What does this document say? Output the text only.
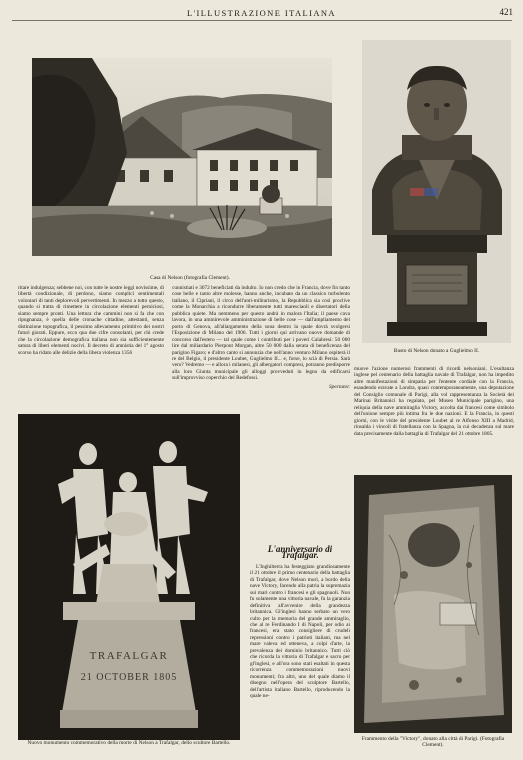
L'ILLUSTRAZIONE ITALIANA	421
Casa di Nelson (fotografia Clement).
Busto di Nelson donato a Guglielmo II.
ritare indulgenza; sebbene noi, con tutte le nostre leggi novissime, di libertà condizionale, di perdono, siamo complici sentimentali volontari di tanti deplorevoli pervertimenti. In mezzo a tutto questo, quando si tratta di rimettere in circolazione elementi perniciosi, siamo sempre pronti. Una lettura che cammini non si fa che con ripugnanza, è quella delle cronache cittadine, attestanti, senza distinzione topografica, il pessimo allevamento primitivo dei nostri futuri giurati. Eppure, ecco qua due cifre consolanti, per chi crede che la circolazione demografica italiana non sia sufficientemente satura di liberi elementi nocivi. Il decreto di amnistia del 1° agosto scorso ha ridato alle delizie della libera violenza 1356
cunnistiati e 3072 beneficiati da indulto. Io non credo che in Francia, dove fin tanto cose belle e tanto altre molesse, hanno anche, incubato da un classico turbolento italiano, il Cipriani, il circo dell'anti-militarismo, la Repubblica sia così proclive come la Monarchia a ricondurre liberamente tutti maresciaoli e disertatori della pubblica quiete. Ma nemmeno per questo andrà in malora l'Italia; il paese cava lavora, in una ammirevole amministrazione di belle cose — dall'ampliamento del porto di Genova, all'allargamento della sona dentro la quale dovrà svolgersi l'Esposizione di Milano del 1906. Tutti i giorni qui arrivano nuove domande di concorso dall'estero — tal quale come i contributi per i poveri Calabresi: 50 000 lire dal miliardario Pierpont Morgan, altre 50 000 dalla serata di beneficenza del parigino Figaro; e d'altro canto si annunzia che nell'anno venturo Milano ospiterà il re del Belgio, il presidente Loubet, Guglielmo II... e, forse, lo scià di Persia. Sarà vero? Vedremo — e allora i milanesi, gli albergatori compresi, potranno predisporre alla loro Giunta municipale gli alloggi provveduti in legno da edificarsi sull'improvviso coperchio del Redefossi.
Spectator.
muove l'azione numerosi frammenti di ricordi nelsoniani. L'esultanza inglese pel centenario della battaglia navale di Trafalgar, non ha impedito altre manifestazioni di simpatia per l'entente cordiale con la Francia, esaudendo eravate a Londra, quasi contemporaneamente, una deputazione del Consiglio comunale di Parigi, alla vol rappresentanza la Società dei Marinai Britannici ha regalato, pel Museo Municipale parigino, una reliquia della nave ammiraglia Victory, accolta dai francesi come simbolo dell'unione sempre più intima fra le due nazioni. E la Francia, in questi giorni, con le visite del presidente Loubet al re Alfonso XIII a Madrid, rinsalda i vincoli di fratellanza con la Spagna, la cui decadenza sul mare data precisamente dalla battaglia di Trafalgar del 21 ottobre 1805.
TRAFALGAR
21 OCTOBER 1805
Nuovo monumento commemorativo della morte di Nelson a Trafalgar, dello scultore Bartello.
L'anniversario di Trafalgar.
L'Inghilterra ha festeggiato grandiosamente il 21 ottobre il primo centenario della battaglia di Trafalgar, dove Nelson morì, a bordo della nave Victory, facendo alla patria la supremazia sui mari contro i francesi e gli spagnuoli. Non fu solamente una vittoria navale, fu la garanzia definitiva all'avvenire della grandezza britannica. Gl'inglesi hanno serbato un vero culto per la memoria del grande ammiraglio, che al re Ferdinando I di Napoli, per odio ai francesi, era stato consigliere di crudeli repressioni contro i patrioti italiani, ma nel mare valeva ed otteneva, a colpi d'arte, la prevalenza dei dominio britannico. Tutti ciò che ricorda la vittoria di Trafalgar e sacro per gl'inglesi, e all'ora sono stati esaltati in questa ricorrenza commemorazioni nuovi monumenti; fra altri, uno del quale diamo il disegno nell'opera del sculptore Bartello, dell'artista italiano Bartello, riproducendo la quale ne-
Frammento della "Victory", donato alla città di Parigi. (Fotografia Clement).
